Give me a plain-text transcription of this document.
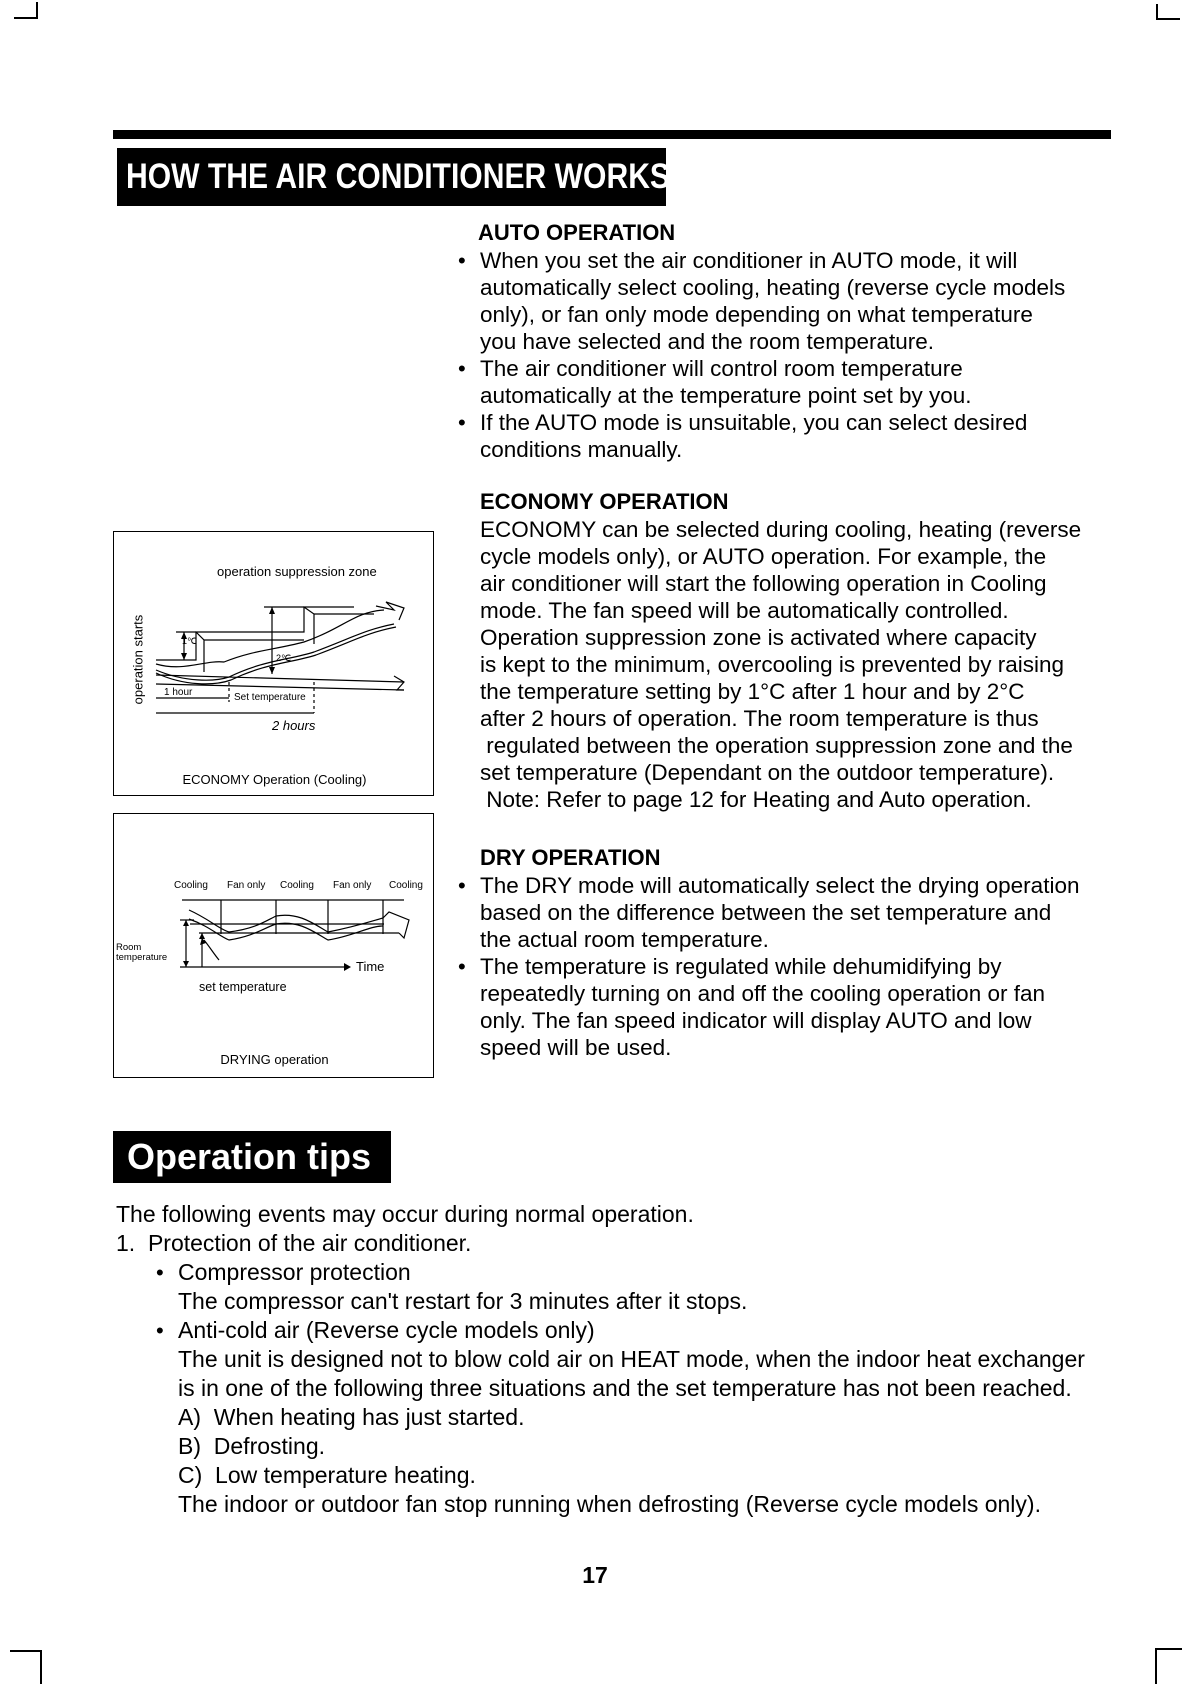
HOW THE AIR CONDITIONER WORKS
AUTO OPERATION
• When you set the air conditioner in AUTO mode, it will
automatically select cooling, heating (reverse cycle models
only), or fan only mode depending on what temperature
you have selected and the room temperature.
• The air conditioner will control room temperature
automatically at the temperature point set by you.
• If the AUTO mode is unsuitable, you can select desired
conditions manually.
ECONOMY OPERATION
ECONOMY can be selected during cooling, heating (reverse
cycle models only), or AUTO operation. For example, the
air conditioner will start the following operation in Cooling
mode. The fan speed will be automatically controlled.
Operation suppression zone is activated where capacity
is kept to the minimum, overcooling is prevented by raising
the temperature setting by 1°C after 1 hour and by 2°C
after 2 hours of operation. The room temperature is thus
regulated between the operation suppression zone and the
set temperature (Dependant on the outdoor temperature).
Note: Refer to page 12 for Heating and Auto operation.
DRY OPERATION
• The DRY mode will automatically select the drying operation
based on the difference between the set temperature and
the actual room temperature.
• The temperature is regulated while dehumidifying by
repeatedly turning on and off the cooling operation or fan
only. The fan speed indicator will display AUTO and low
speed will be used.
operation suppression zone
operation starts	1℃
2℃
1 hour	Set temperature
2 hours
ECONOMY Operation (Cooling)
Cooling Fan only Cooling Fan only Cooling
Room
temperature
Time
set temperature
DRYING operation
Operation tips
The following events may occur during normal operation.
1.  Protection of the air conditioner.
• Compressor protection
The compressor can't restart for 3 minutes after it stops.
• Anti-cold air (Reverse cycle models only)
The unit is designed not to blow cold air on HEAT mode, when the indoor heat exchanger
is in one of the following three situations and the set temperature has not been reached.
A)  When heating has just started.
B)  Defrosting.
C)  Low temperature heating.
The indoor or outdoor fan stop running when defrosting (Reverse cycle models only).
17
